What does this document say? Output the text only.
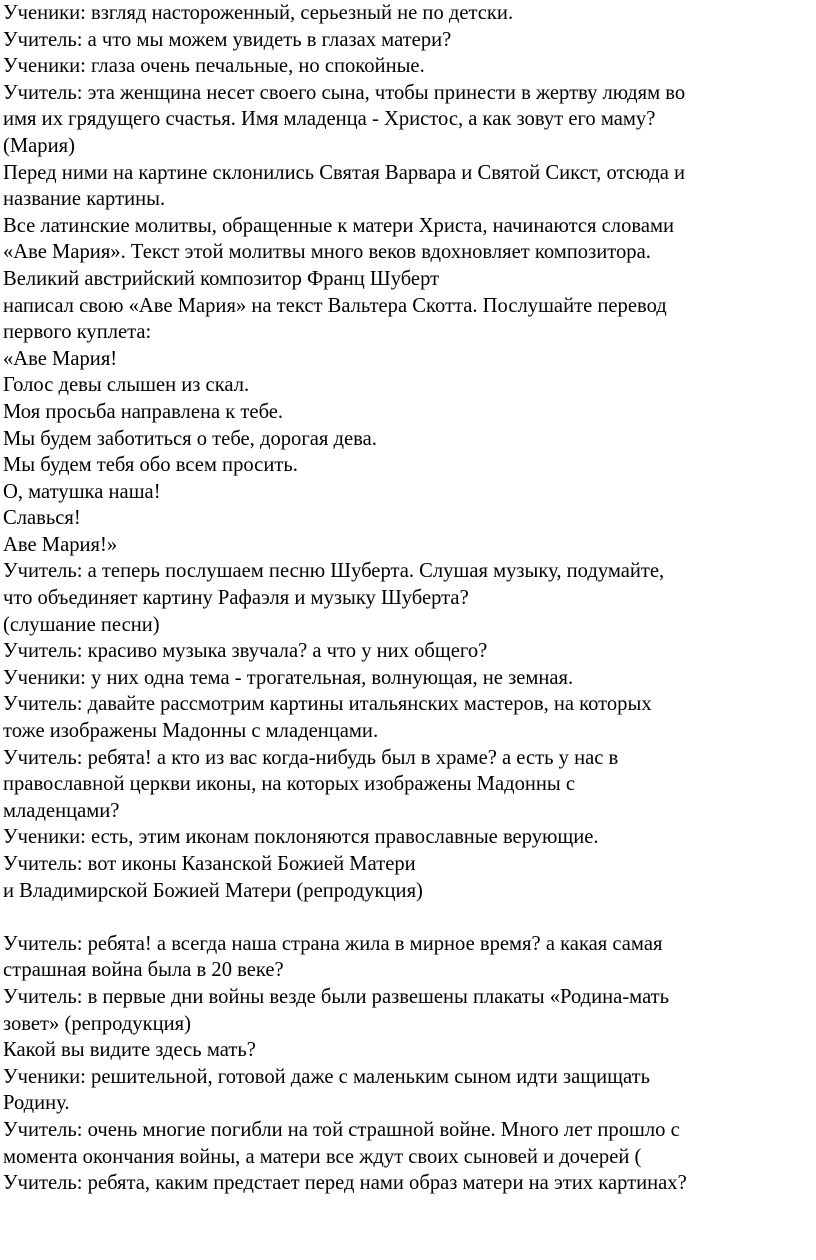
Ученики: взгляд настороженный, серьезный не по детски.
Учитель: а что мы можем увидеть в глазах матери?
Ученики: глаза очень печальные, но спокойные.
Учитель: эта женщина несет своего сына, чтобы принести в жертву людям во
имя их грядущего счастья. Имя младенца - Христос, а как зовут его маму?
(Мария)
Перед ними на картине склонились Святая Варвара и Святой Сикст, отсюда и
название картины.
Все латинские молитвы, обращенные к матери Христа, начинаются словами
«Аве Мария». Текст этой молитвы много веков вдохновляет композитора.
Великий австрийский композитор Франц Шуберт
написал свою «Аве Мария» на текст Вальтера Скотта. Послушайте перевод
первого куплета:
«Аве Мария!
Голос девы слышен из скал.
Моя просьба направлена к тебе.
Мы будем заботиться о тебе, дорогая дева.
Мы будем тебя обо всем просить.
О, матушка наша!
Славься!
Аве Мария!»
Учитель: а теперь послушаем песню Шуберта. Слушая музыку, подумайте,
что объединяет картину Рафаэля и музыку Шуберта?
(слушание песни)
Учитель: красиво музыка звучала? а что у них общего?
Ученики: у них одна тема - трогательная, волнующая, не земная.
Учитель: давайте рассмотрим картины итальянских мастеров, на которых
тоже изображены Мадонны с младенцами.
Учитель: ребята! а кто из вас когда-нибудь был в храме? а есть у нас в
православной церкви иконы, на которых изображены Мадонны с
младенцами?
Ученики: есть, этим иконам поклоняются православные верующие.
Учитель: вот иконы Казанской Божией Матери
и Владимирской Божией Матери (репродукция)
Учитель: ребята! а всегда наша страна жила в мирное время? а какая самая
страшная война была в 20 веке?
Учитель: в первые дни войны везде были развешены плакаты «Родина-мать
зовет» (репродукция)
Какой вы видите здесь мать?
Ученики: решительной, готовой даже с маленьким сыном идти защищать
Родину.
Учитель: очень многие погибли на той страшной войне. Много лет прошло с
момента окончания войны, а матери все ждут своих сыновей и дочерей (
Учитель: ребята, каким предстает перед нами образ матери на этих картинах?
